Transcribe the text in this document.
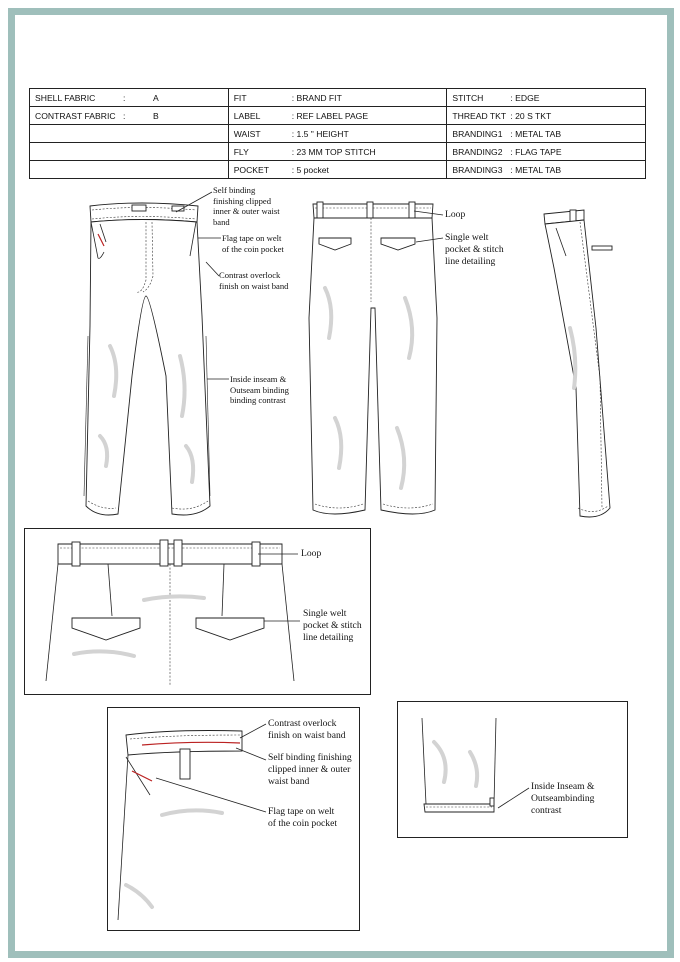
SHELL FABRIC : A	FIT : BRAND FIT	STITCH : EDGE
CONTRAST FABRIC : B	LABEL : REF LABEL PAGE	THREAD TKT : 20 S TKT
	WAIST : 1.5 " HEIGHT	BRANDING1 : METAL TAB
	FLY : 23 MM TOP STITCH	BRANDING2 : FLAG TAPE
	POCKET : 5 pocket	BRANDING3 : METAL TAB
Self binding
finishing clipped
inner & outer waist
band
Flag tape on welt
of the coin pocket
Contrast overlock
finish on waist band
Inside inseam &
Outseam binding
binding contrast
Loop
Single welt
pocket & stitch
line detailing
Loop
Single welt
pocket & stitch
line detailing
Contrast overlock
finish on waist band
Self binding finishing
clipped inner & outer
waist band
Flag tape on welt
of the coin pocket
Inside Inseam &
Outseambinding
contrast
